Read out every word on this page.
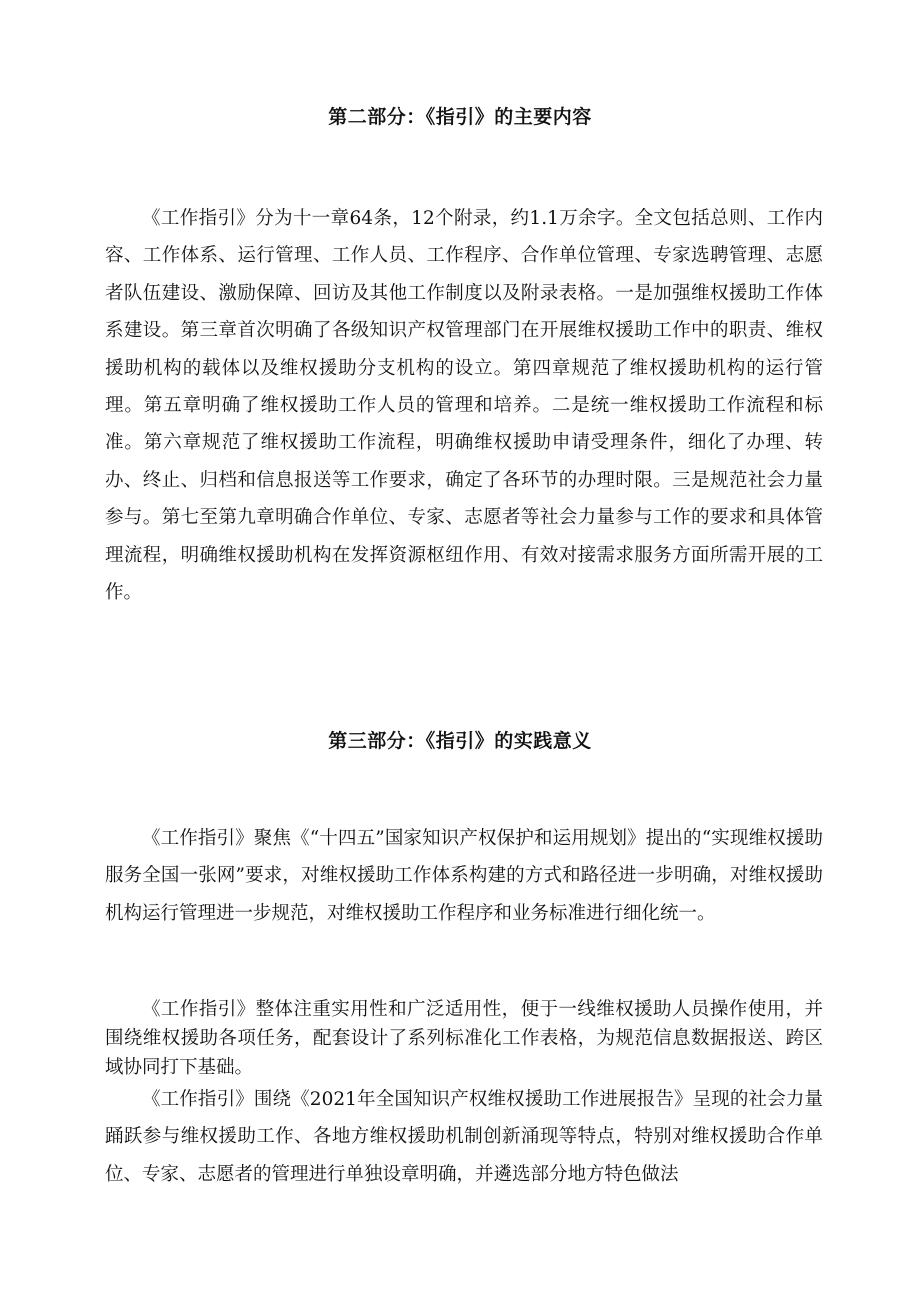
第二部分：《指引》的主要内容

《工作指引》分为十一章64条，12个附录，约1.1万余字。全文包括总则、工作内容、工作体系、运行管理、工作人员、工作程序、合作单位管理、专家选聘管理、志愿者队伍建设、激励保障、回访及其他工作制度以及附录表格。一是加强维权援助工作体系建设。第三章首次明确了各级知识产权管理部门在开展维权援助工作中的职责、维权援助机构的载体以及维权援助分支机构的设立。第四章规范了维权援助机构的运行管理。第五章明确了维权援助工作人员的管理和培养。二是统一维权援助工作流程和标准。第六章规范了维权援助工作流程，明确维权援助申请受理条件，细化了办理、转办、终止、归档和信息报送等工作要求，确定了各环节的办理时限。三是规范社会力量参与。第七至第九章明确合作单位、专家、志愿者等社会力量参与工作的要求和具体管理流程，明确维权援助机构在发挥资源枢纽作用、有效对接需求服务方面所需开展的工作。

第三部分：《指引》的实践意义

《工作指引》聚焦《“十四五”国家知识产权保护和运用规划》提出的“实现维权援助服务全国一张网”要求，对维权援助工作体系构建的方式和路径进一步明确，对维权援助机构运行管理进一步规范，对维权援助工作程序和业务标准进行细化统一。

《工作指引》整体注重实用性和广泛适用性，便于一线维权援助人员操作使用，并围绕维权援助各项任务，配套设计了系列标准化工作表格，为规范信息数据报送、跨区域协同打下基础。

《工作指引》围绕《2021年全国知识产权维权援助工作进展报告》呈现的社会力量踊跃参与维权援助工作、各地方维权援助机制创新涌现等特点，特别对维权援助合作单位、专家、志愿者的管理进行单独设章明确，并遴选部分地方特色做法
